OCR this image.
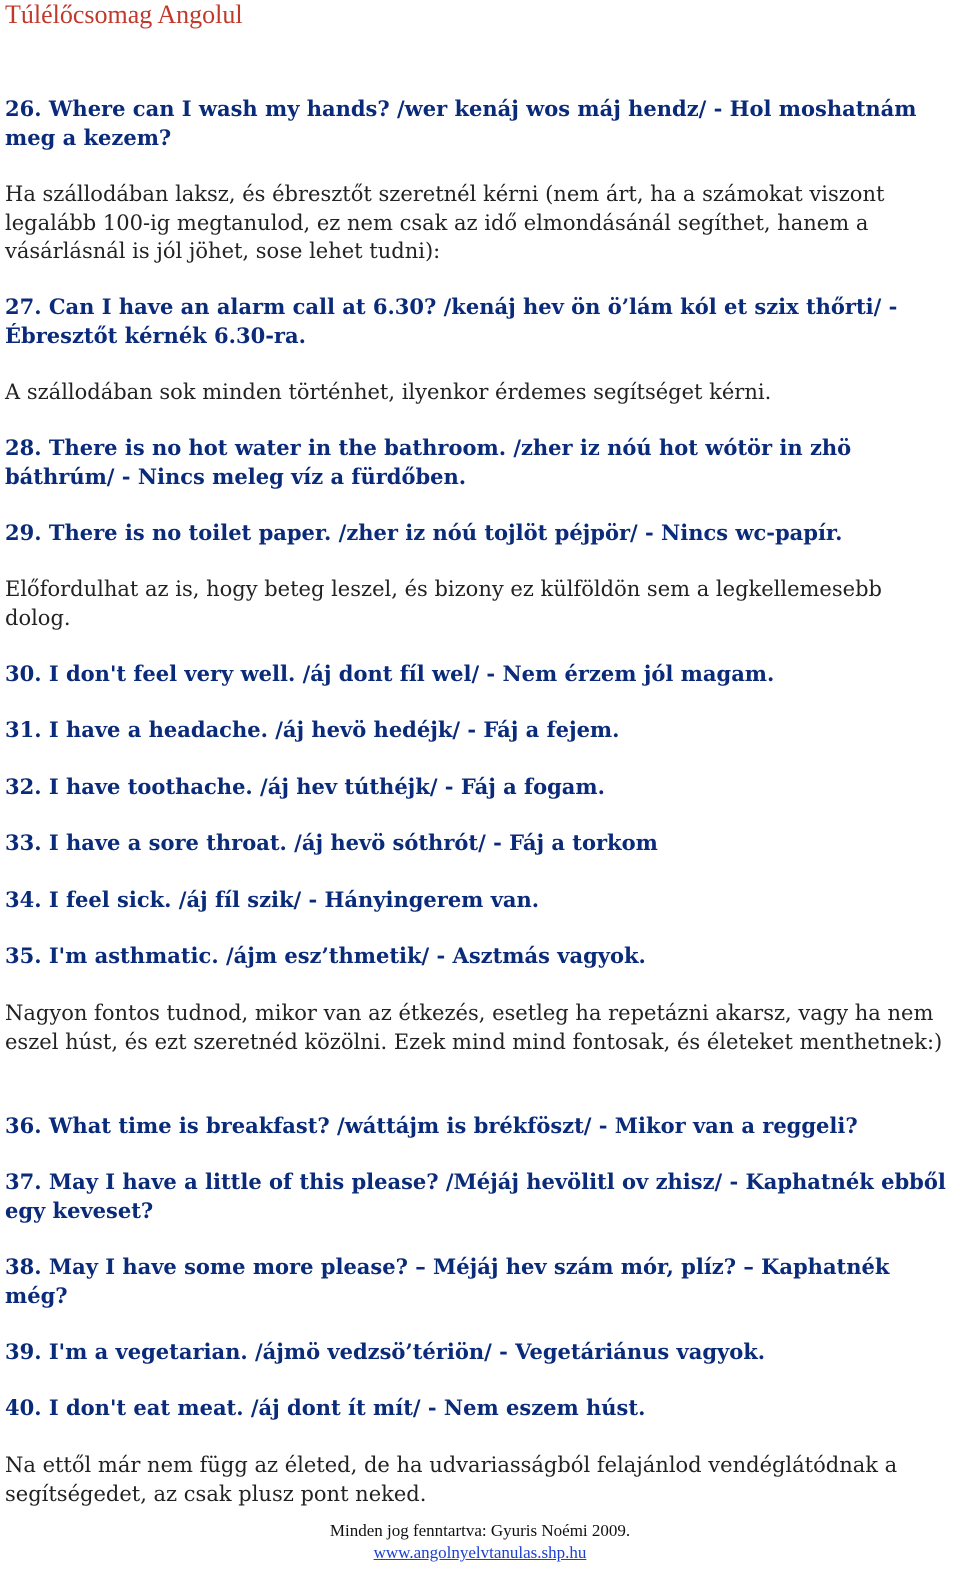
Túlélőcsomag Angolul

26. Where can I wash my hands? /wer kenáj wos máj hendz/ - Hol moshatnám meg a kezem?

Ha szállodában laksz, és ébresztőt szeretnél kérni (nem árt, ha a számokat viszont legalább 100-ig megtanulod, ez nem csak az idő elmondásánál segíthet, hanem a vásárlásnál is jól jöhet, sose lehet tudni):

27. Can I have an alarm call at 6.30? /kenáj hev ön ö’lám kól et szix thőrti/ - Ébresztőt kérnék 6.30-ra.

A szállodában sok minden történhet, ilyenkor érdemes segítséget kérni.

28. There is no hot water in the bathroom. /zher iz nóú hot wótör in zhö báthrúm/ - Nincs meleg víz a fürdőben.

29. There is no toilet paper. /zher iz nóú tojlöt péjpör/ - Nincs wc-papír.

Előfordulhat az is, hogy beteg leszel, és bizony ez külföldön sem a legkellemesebb dolog.

30. I don't feel very well. /áj dont fíl wel/ - Nem érzem jól magam.

31. I have a headache. /áj hevö hedéjk/ - Fáj a fejem.

32. I have toothache. /áj hev túthéjk/ - Fáj a fogam.

33. I have a sore throat. /áj hevö sóthrót/ - Fáj a torkom

34. I feel sick. /áj fíl szik/ - Hányingerem van.

35. I'm asthmatic. /ájm esz’thmetik/ - Asztmás vagyok.

Nagyon fontos tudnod, mikor van az étkezés, esetleg ha repetázni akarsz, vagy ha nem eszel húst, és ezt szeretnéd közölni. Ezek mind mind fontosak, és életeket menthetnek:)

36. What time is breakfast? /wáttájm is brékföszt/ - Mikor van a reggeli?

37. May I have a little of this please? /Méjáj hevölitl ov zhisz/ - Kaphatnék ebből egy keveset?

38. May I have some more please? – Méjáj hev szám mór, plíz? – Kaphatnék még?

39. I'm a vegetarian. /ájmö vedzsö’tériön/ - Vegetáriánus vagyok.

40. I don't eat meat. /áj dont ít mít/ - Nem eszem húst.

Na ettől már nem függ az életed, de ha udvariasságból felajánlod vendéglátódnak a segítségedet, az csak plusz pont neked.

Minden jog fenntartva: Gyuris Noémi 2009.
www.angolnyelvtanulas.shp.hu
